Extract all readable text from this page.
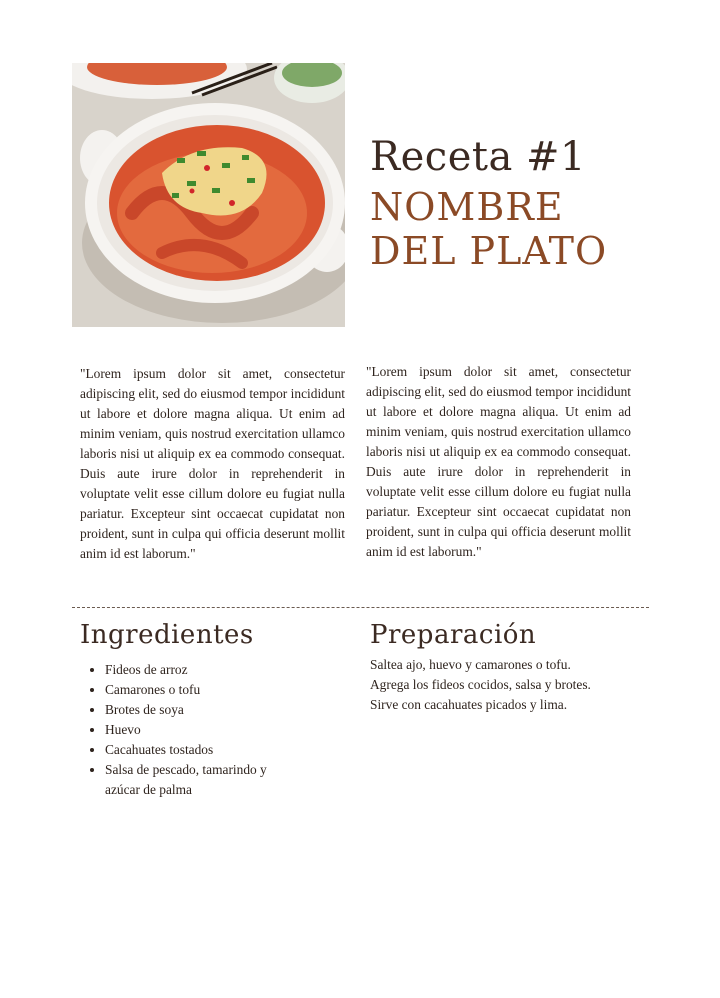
Receta #1
NOMBRE
DEL PLATO

"Lorem ipsum dolor sit amet, consectetur adipiscing elit, sed do eiusmod tempor incididunt ut labore et dolore magna aliqua. Ut enim ad minim veniam, quis nostrud exercitation ullamco laboris nisi ut aliquip ex ea commodo consequat. Duis aute irure dolor in reprehenderit in voluptate velit esse cillum dolore eu fugiat nulla pariatur. Excepteur sint occaecat cupidatat non proident, sunt in culpa qui officia deserunt mollit anim id est laborum."

"Lorem ipsum dolor sit amet, consectetur adipiscing elit, sed do eiusmod tempor incididunt ut labore et dolore magna aliqua. Ut enim ad minim veniam, quis nostrud exercitation ullamco laboris nisi ut aliquip ex ea commodo consequat. Duis aute irure dolor in reprehenderit in voluptate velit esse cillum dolore eu fugiat nulla pariatur. Excepteur sint occaecat cupidatat non proident, sunt in culpa qui officia deserunt mollit anim id est laborum."

Ingredientes
• Fideos de arroz
• Camarones o tofu
• Brotes de soya
• Huevo
• Cacahuates tostados
• Salsa de pescado, tamarindo y azúcar de palma
Preparación
Saltea ajo, huevo y camarones o tofu.
Agrega los fideos cocidos, salsa y brotes.
Sirve con cacahuates picados y lima.
